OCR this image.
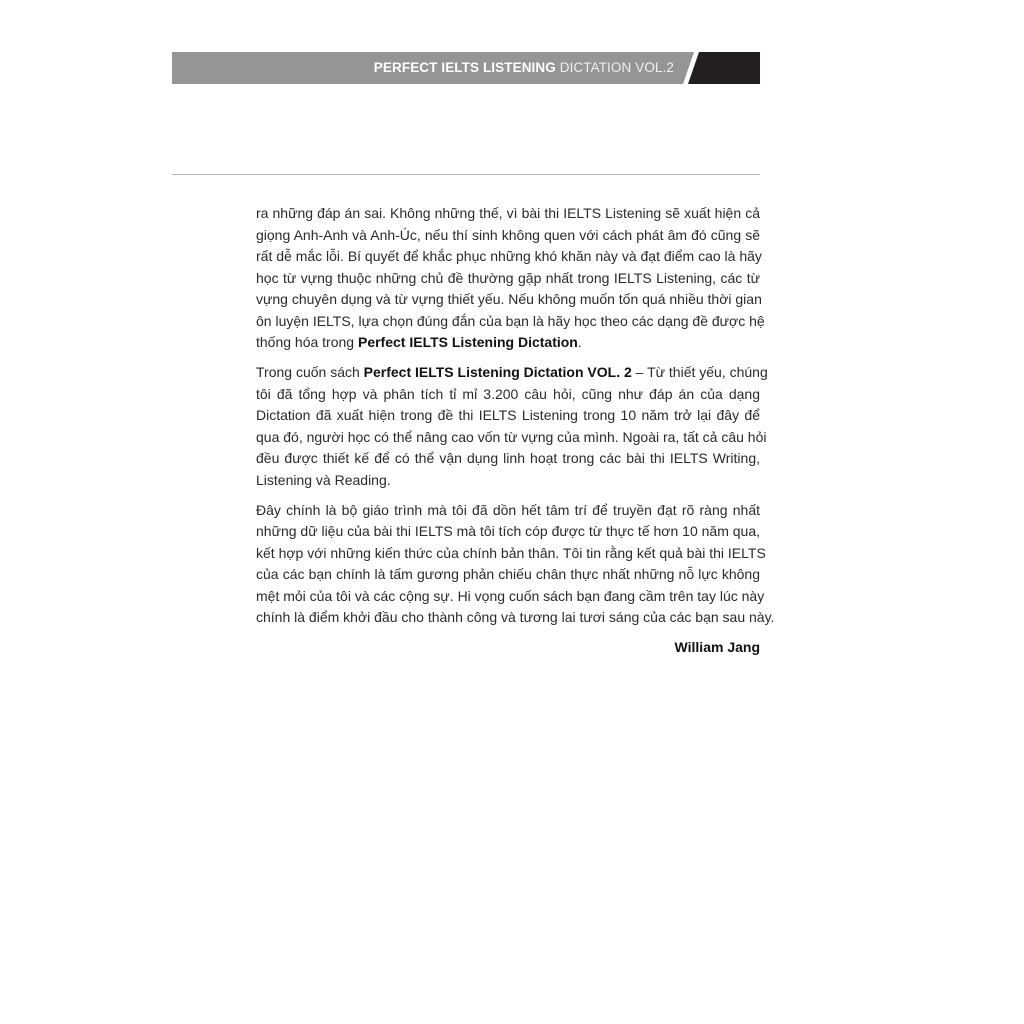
PERFECT IELTS LISTENING DICTATION VOL.2
ra những đáp án sai. Không những thế, vì bài thi IELTS Listening sẽ xuất hiện cả
giọng Anh-Anh và Anh-Úc, nếu thí sinh không quen với cách phát âm đó cũng sẽ
rất dễ mắc lỗi. Bí quyết để khắc phục những khó khăn này và đạt điểm cao là hãy
học từ vựng thuộc những chủ đề thường gặp nhất trong IELTS Listening, các từ
vựng chuyên dụng và từ vựng thiết yếu. Nếu không muốn tốn quá nhiều thời gian
ôn luyện IELTS, lựa chọn đúng đắn của bạn là hãy học theo các dạng đề được hệ
thống hóa trong Perfect IELTS Listening Dictation.
Trong cuốn sách Perfect IELTS Listening Dictation VOL. 2 – Từ thiết yếu, chúng
tôi đã tổng hợp và phân tích tỉ mỉ 3.200 câu hỏi, cũng như đáp án của dạng
Dictation đã xuất hiện trong đề thi IELTS Listening trong 10 năm trở lại đây để
qua đó, người học có thể nâng cao vốn từ vựng của mình. Ngoài ra, tất cả câu hỏi
đều được thiết kế để có thể vận dụng linh hoạt trong các bài thi IELTS Writing,
Listening và Reading.
Đây chính là bộ giáo trình mà tôi đã dồn hết tâm trí để truyền đạt rõ ràng nhất
những dữ liệu của bài thi IELTS mà tôi tích cóp được từ thực tế hơn 10 năm qua,
kết hợp với những kiến thức của chính bản thân. Tôi tin rằng kết quả bài thi IELTS
của các bạn chính là tấm gương phản chiếu chân thực nhất những nỗ lực không
mệt mỏi của tôi và các cộng sự. Hi vọng cuốn sách bạn đang cầm trên tay lúc này
chính là điểm khởi đầu cho thành công và tương lai tươi sáng của các bạn sau này.
William Jang
